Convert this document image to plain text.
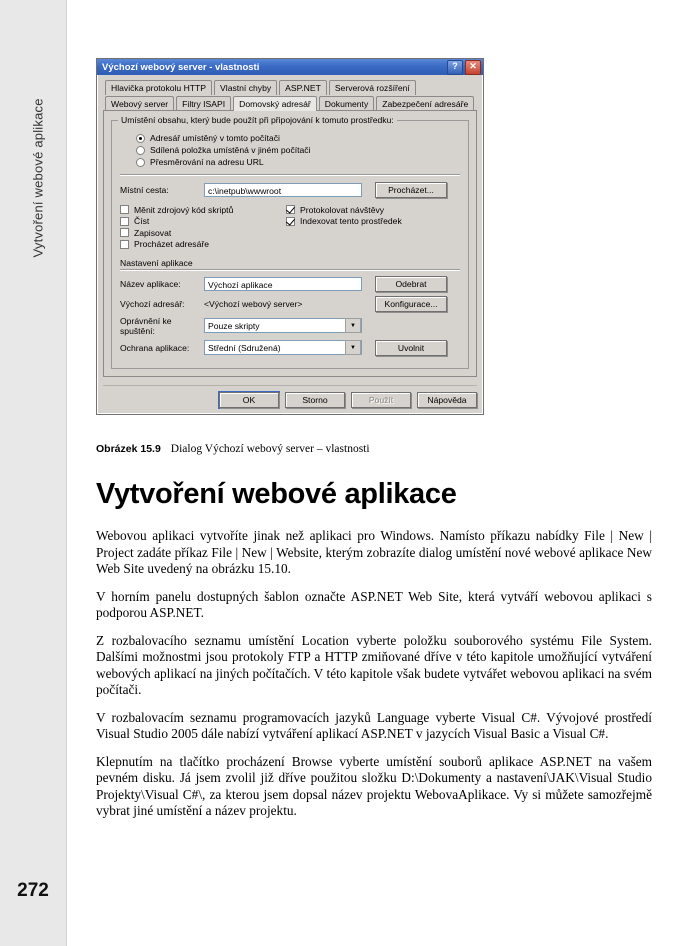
Vytvoření webové aplikace
272
Výchozí webový server - vlastnosti	?	✕
Hlavička protokolu HTTP	Vlastní chyby	ASP.NET	Serverová rozšíření
Webový server	Filtry ISAPI	Domovský adresář	Dokumenty	Zabezpečení adresáře
Umístění obsahu, který bude použít při připojování k tomuto prostředku:
Adresář umístěný v tomto počítači
Sdílená položka umístěná v jiném počítači
Přesměrování na adresu URL
Místní cesta:	c:\inetpub\wwwroot	Procházet...
Měnit zdrojový kód skriptů
Číst
Zapisovat
Procházet adresáře
Protokolovat návštěvy
Indexovat tento prostředek
Nastavení aplikace
Název aplikace:	Výchozí aplikace	Odebrat
Výchozí adresář:	<Výchozí webový server>	Konfigurace...
Oprávnění ke spuštění:	Pouze skripty	▼
Ochrana aplikace:	Střední (Sdružená)	▼	Uvolnit
OK	Storno	Použít	Nápověda
Obrázek 15.9 Dialog Výchozí webový server – vlastnosti
Vytvoření webové aplikace

Webovou aplikaci vytvoříte jinak než aplikaci pro Windows. Namísto příkazu nabídky File | New | Project zadáte příkaz File | New | Website, kterým zobrazíte dialog umístění nové webové aplikace New Web Site uvedený na obrázku 15.10.

V horním panelu dostupných šablon označte ASP.NET Web Site, která vytváří webovou aplikaci s podporou ASP.NET.

Z rozbalovacího seznamu umístění Location vyberte položku souborového systému File System. Dalšími možnostmi jsou protokoly FTP a HTTP zmiňované dříve v této kapitole umožňující vytváření webových aplikací na jiných počítačích. V této kapitole však budete vytvářet webovou aplikaci na svém počítači.

V rozbalovacím seznamu programovacích jazyků Language vyberte Visual C#. Vývojové prostředí Visual Studio 2005 dále nabízí vytváření aplikací ASP.NET v jazycích Visual Basic a Visual C#.

Klepnutím na tlačítko procházení Browse vyberte umístění souborů aplikace ASP.NET na vašem pevném disku. Já jsem zvolil již dříve použitou složku D:\Dokumenty a nastavení\JAK\Visual Studio Projekty\Visual C#\, za kterou jsem dopsal název projektu WebovaAplikace. Vy si můžete samozřejmě vybrat jiné umístění a název projektu.
